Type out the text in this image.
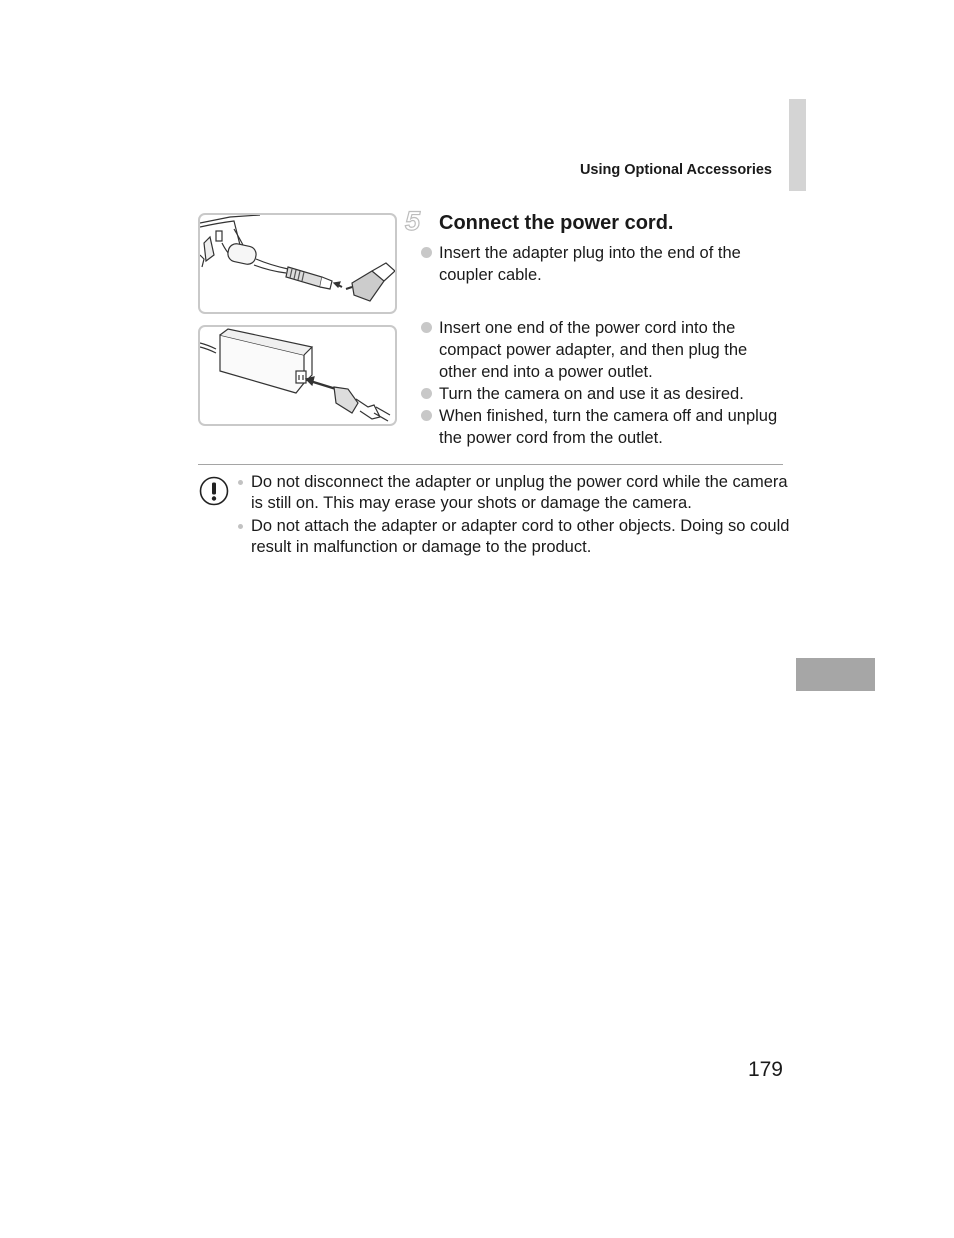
Using Optional Accessories
5 Connect the power cord.
Insert the adapter plug into the end of the coupler cable.
Insert one end of the power cord into the compact power adapter, and then plug the other end into a power outlet.
Turn the camera on and use it as desired.
When finished, turn the camera off and unplug the power cord from the outlet.
Do not disconnect the adapter or unplug the power cord while the camera is still on. This may erase your shots or damage the camera.
Do not attach the adapter or adapter cord to other objects. Doing so could result in malfunction or damage to the product.
179
